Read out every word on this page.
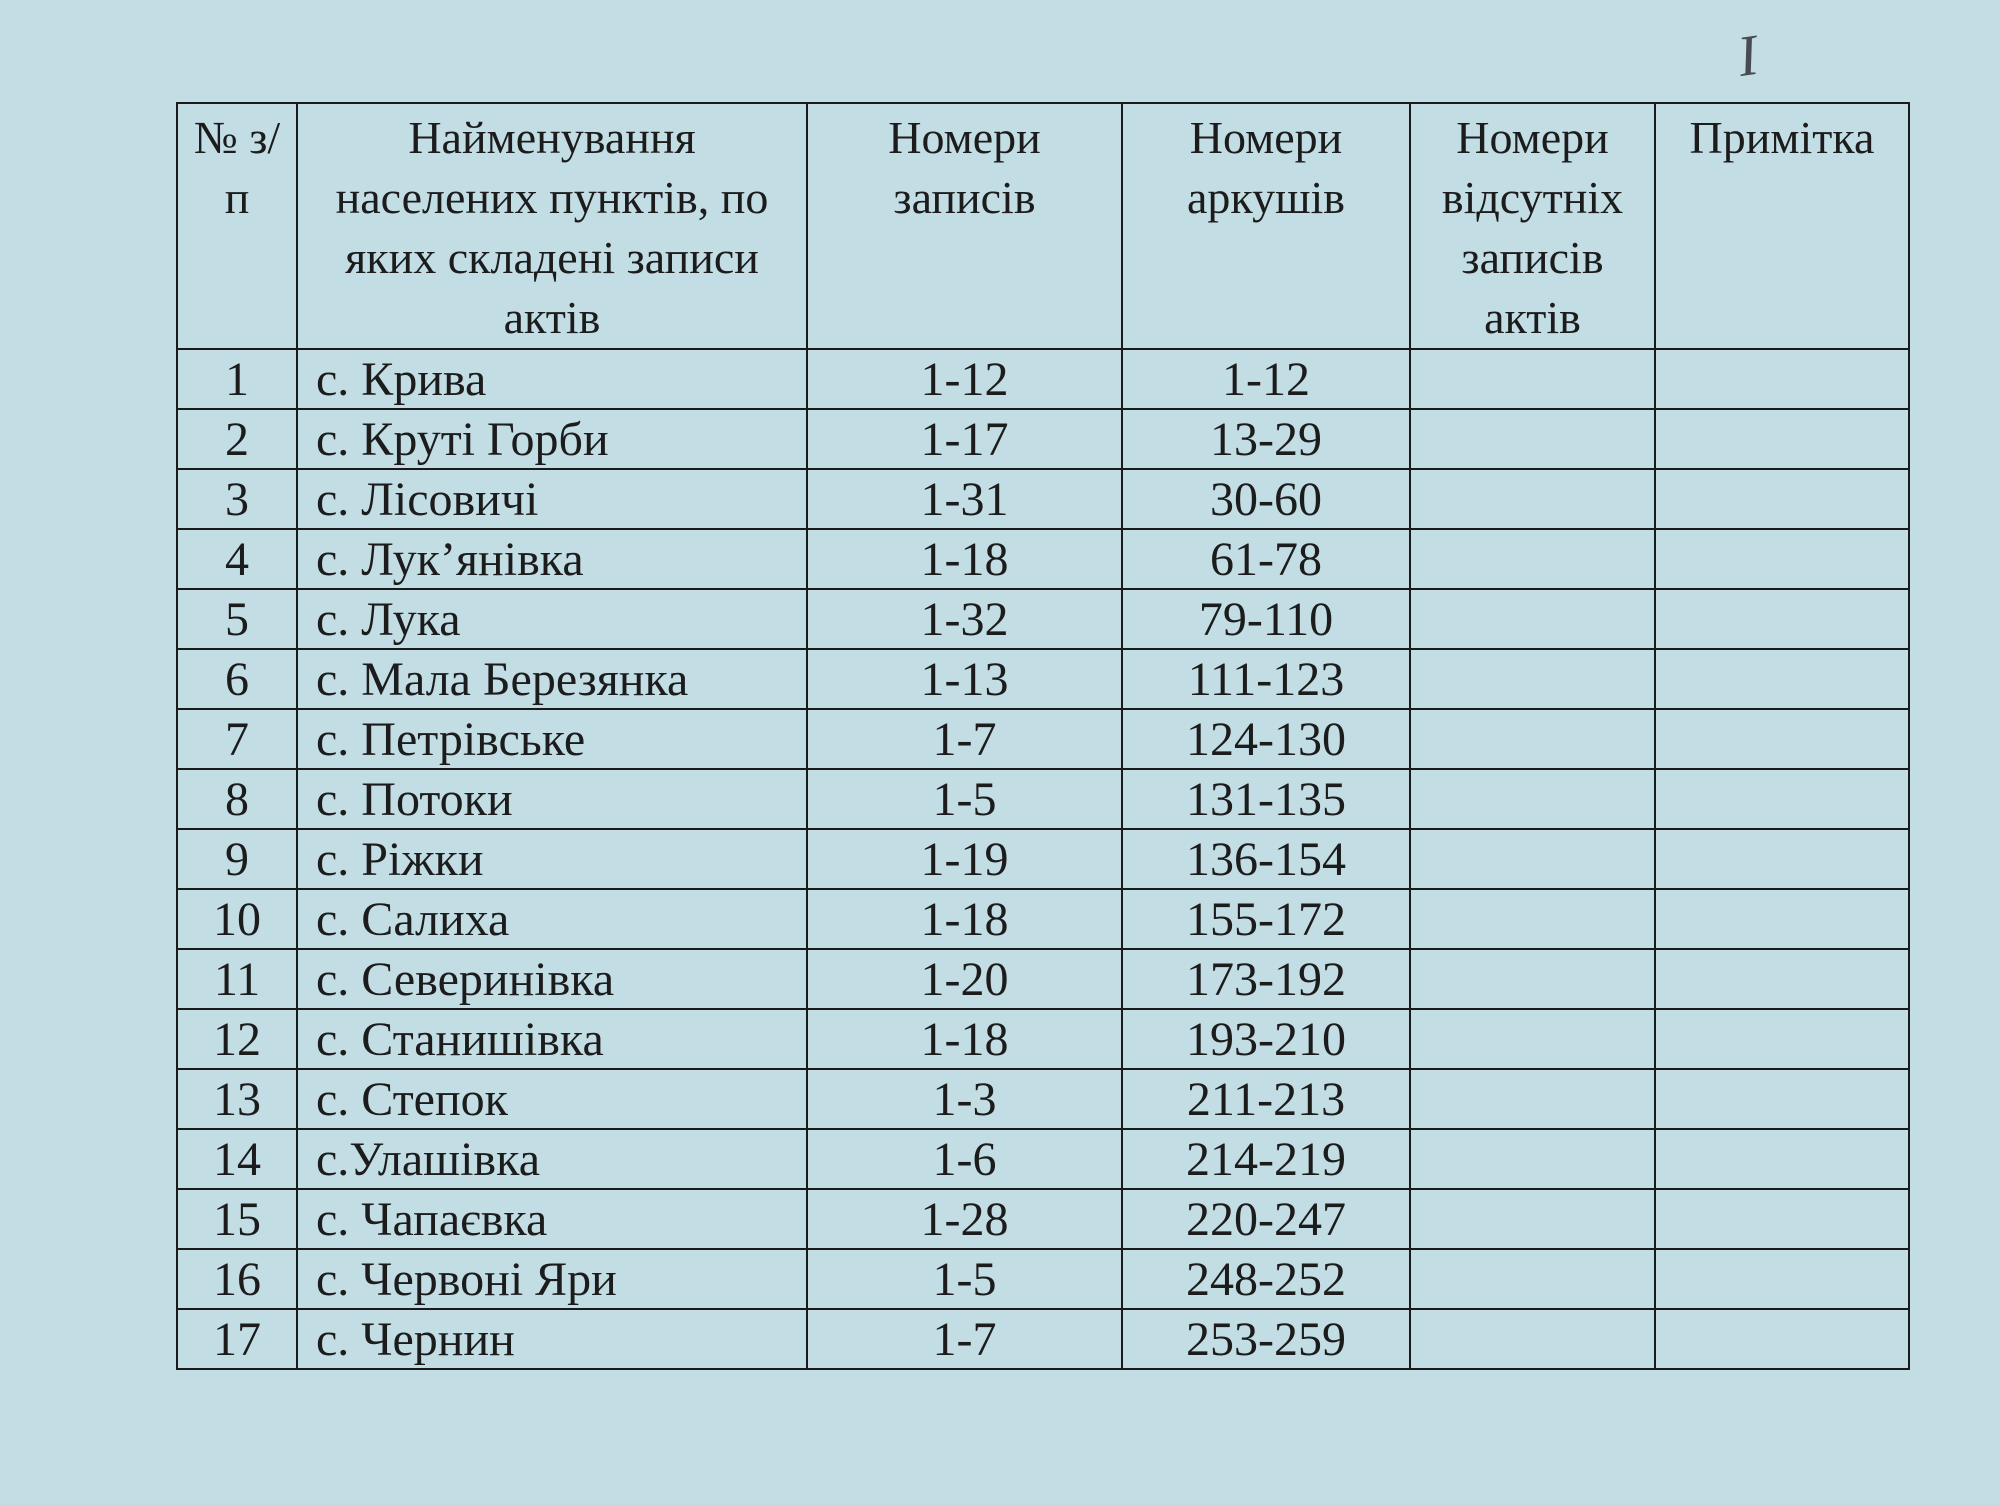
I
№ з/п	Найменування населених пунктів, по яких складені записи актів	Номери записів	Номери аркушів	Номери відсутніх записів актів	Примітка
1	с. Крива	1-12	1-12		
2	с. Круті Горби	1-17	13-29		
3	с. Лісовичі	1-31	30-60		
4	с. Лук’янівка	1-18	61-78		
5	с. Лука	1-32	79-110		
6	с. Мала Березянка	1-13	111-123		
7	с. Петрівське	1-7	124-130		
8	с. Потоки	1-5	131-135		
9	с. Ріжки	1-19	136-154		
10	с. Салиха	1-18	155-172		
11	с. Северинівка	1-20	173-192		
12	с. Станишівка	1-18	193-210		
13	с. Степок	1-3	211-213		
14	с.Улашівка	1-6	214-219		
15	с. Чапаєвка	1-28	220-247		
16	с. Червоні Яри	1-5	248-252		
17	с. Чернин	1-7	253-259		
